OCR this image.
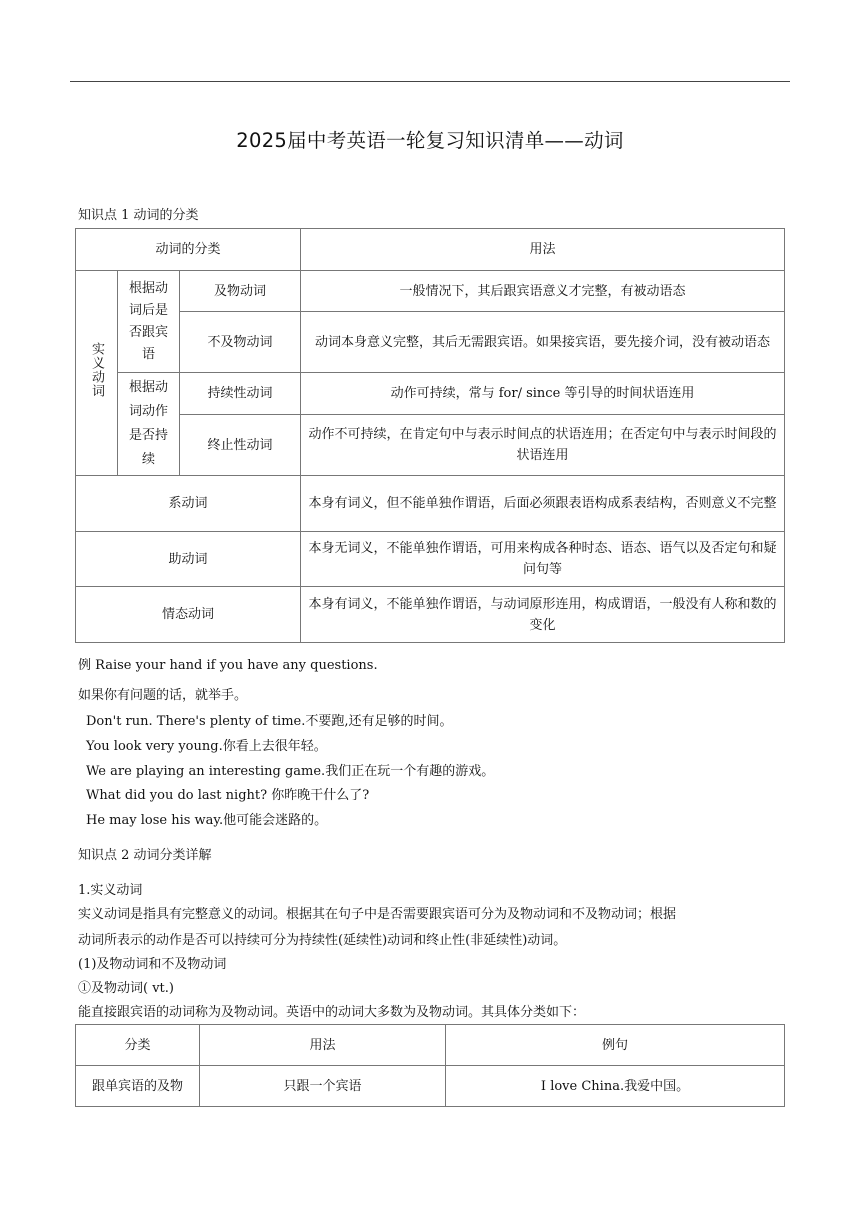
2025届中考英语一轮复习知识清单——动词
知识点 1 动词的分类
动词的分类			用法
实义动词	根据动词后是否跟宾语	及物动词	一般情况下，其后跟宾语意义才完整，有被动语态
		不及物动词	动词本身意义完整，其后无需跟宾语。如果接宾语，要先接介词，没有被动语态
	根据动词动作是否持续	持续性动词	动作可持续，常与 for/ since 等引导的时间状语连用
		终止性动词	动作不可持续，在肯定句中与表示时间点的状语连用；在否定句中与表示时间段的状语连用
系动词			本身有词义，但不能单独作谓语，后面必须跟表语构成系表结构，否则意义不完整
助动词			本身无词义，不能单独作谓语，可用来构成各种时态、语态、语气以及否定句和疑问句等
情态动词			本身有词义，不能单独作谓语，与动词原形连用，构成谓语，一般没有人称和数的变化
例 Raise your hand if you have any questions.
如果你有问题的话，就举手。
Don't run. There's plenty of time.不要跑,还有足够的时间。
You look very young.你看上去很年轻。
We are playing an interesting game.我们正在玩一个有趣的游戏。
What did you do last night? 你昨晚干什么了?
He may lose his way.他可能会迷路的。
知识点 2 动词分类详解
1.实义动词
实义动词是指具有完整意义的动词。根据其在句子中是否需要跟宾语可分为及物动词和不及物动词；根据
动词所表示的动作是否可以持续可分为持续性(延续性)动词和终止性(非延续性)动词。
(1)及物动词和不及物动词
①及物动词( vt.)
能直接跟宾语的动词称为及物动词。英语中的动词大多数为及物动词。其具体分类如下：
分类	用法	例句
跟单宾语的及物	只跟一个宾语	I love China.我爱中国。
